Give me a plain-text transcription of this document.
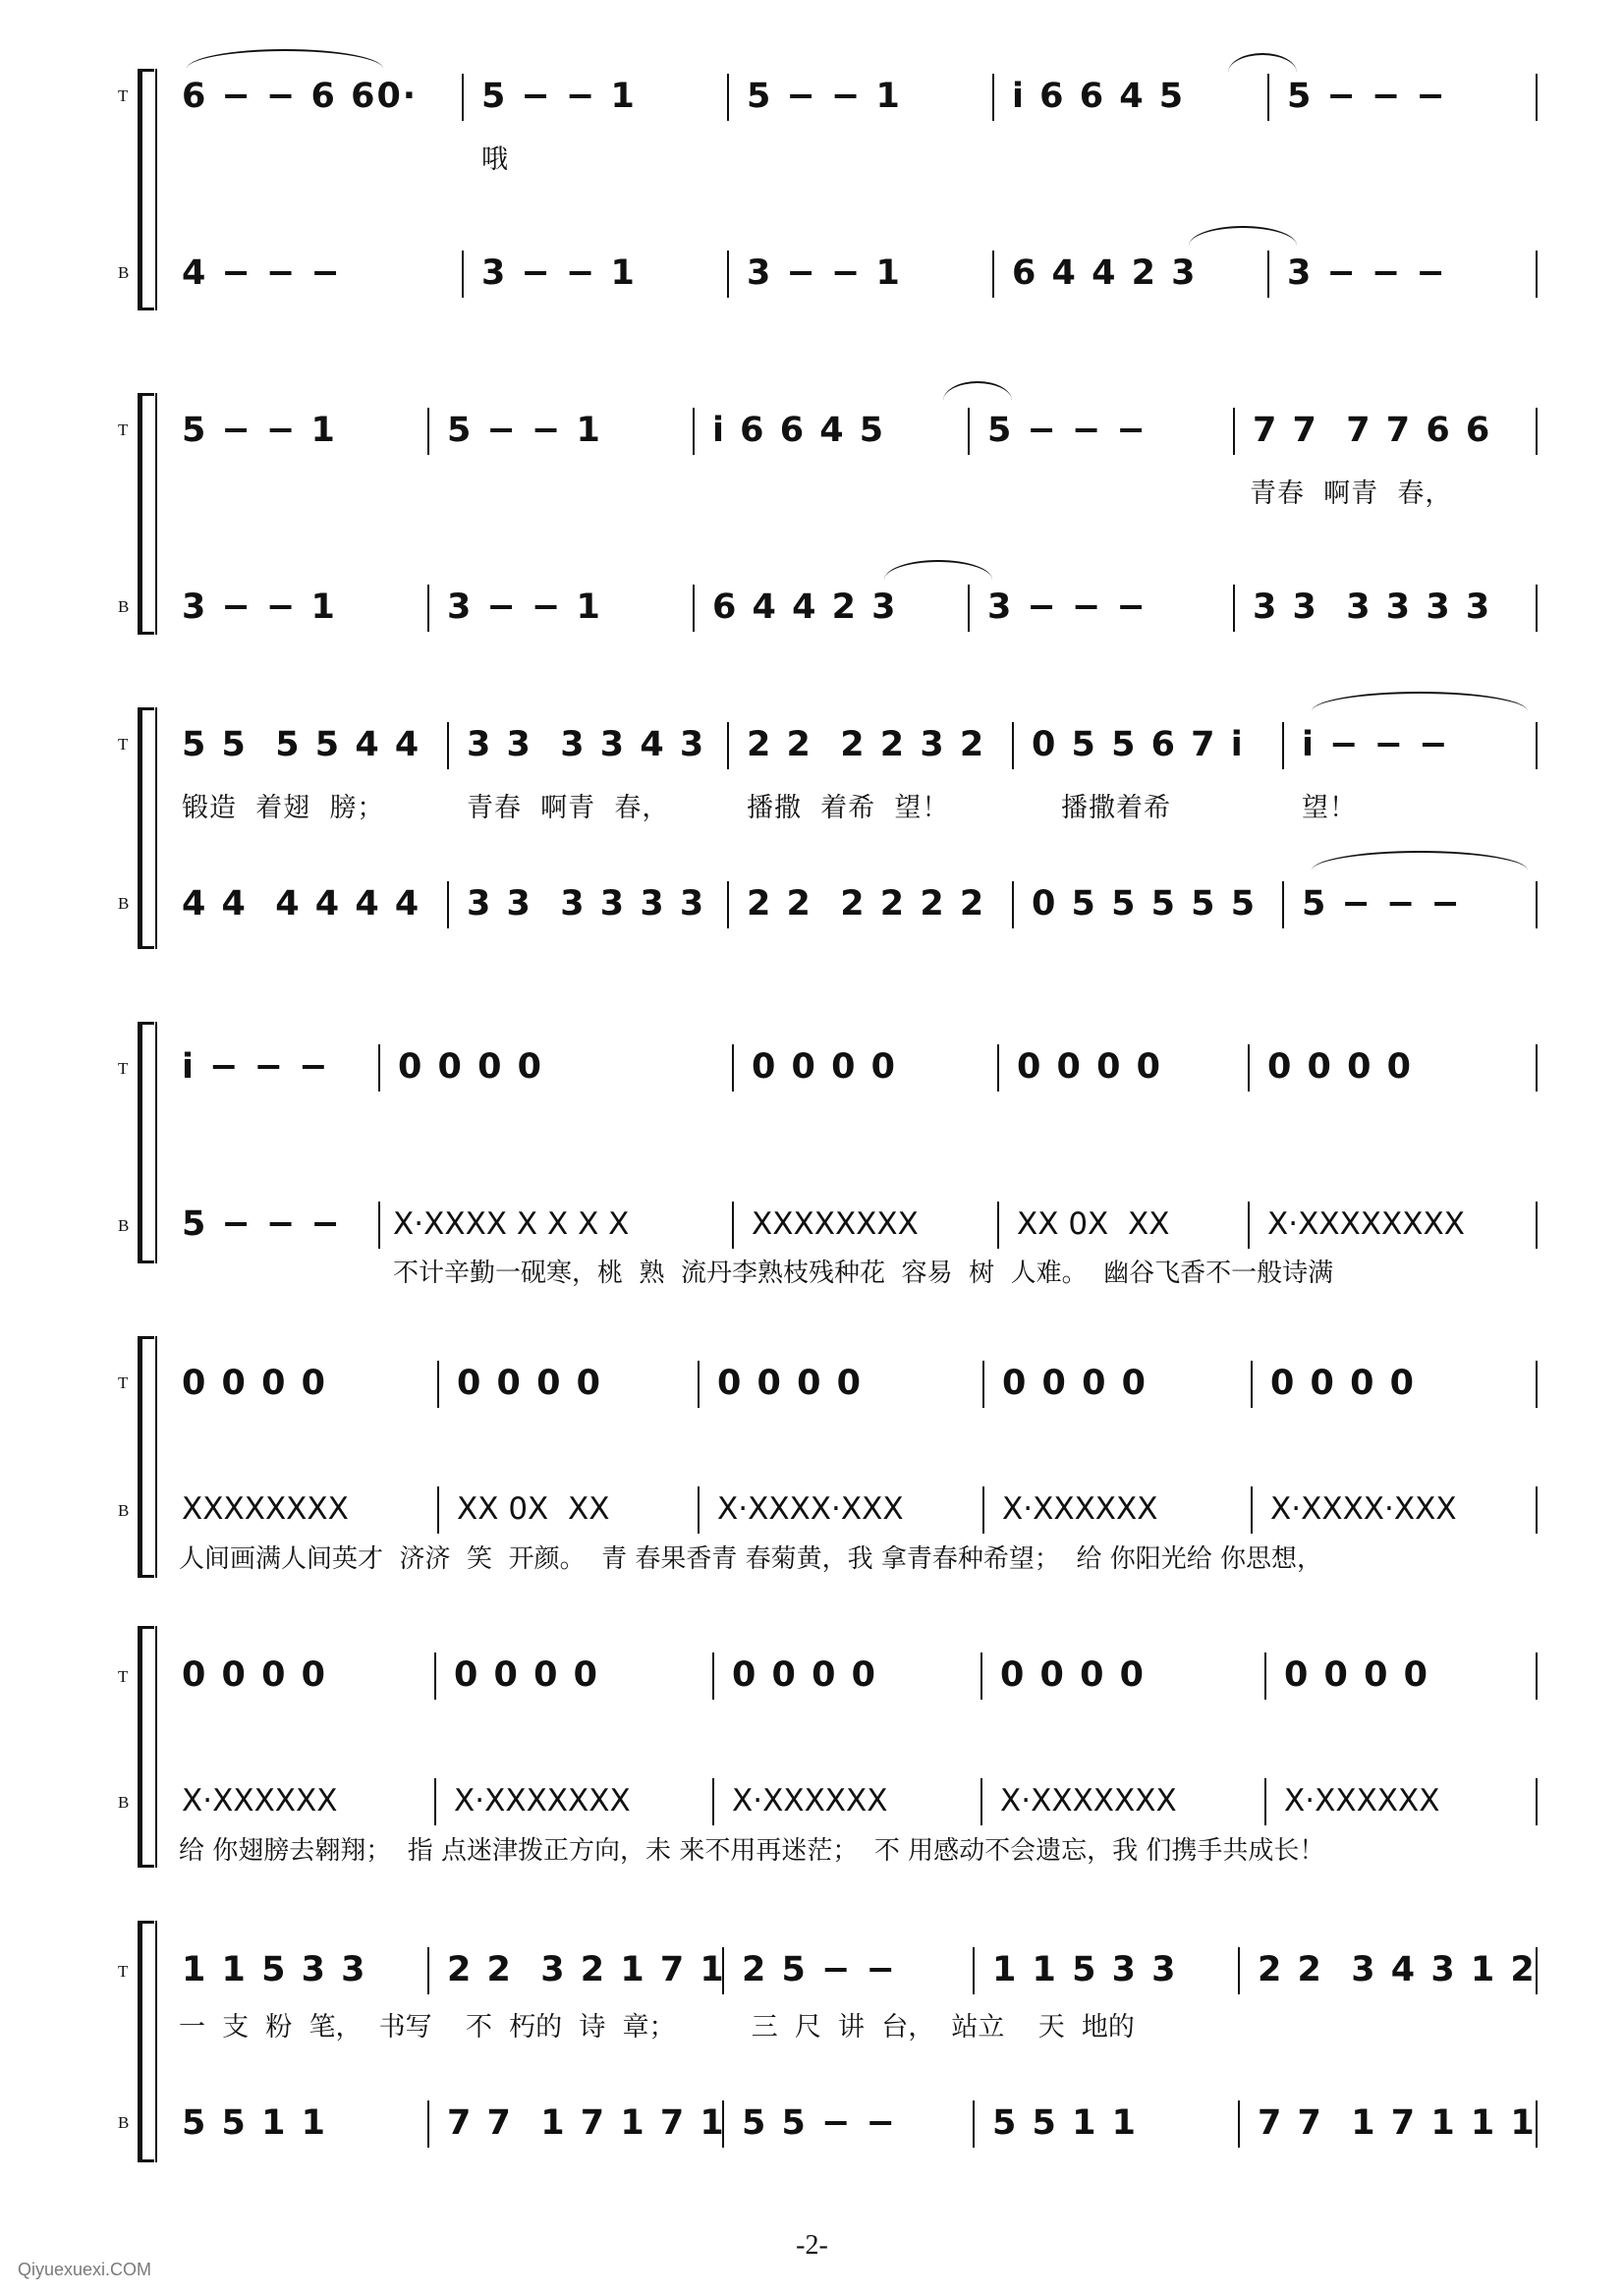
T
B
6 − − 6 60· 5 − − 1	5 − − 1	i 6 6 4 5	5 − − −
哦
4 − − −	3 − − 1	3 − − 1	6 4 4 2 3	3 − − −
T
B
5 − − 1	5 − − 1	i 6 6 4 5	5 − − −	7 7  7 7 6 6
青春  啊青  春，
3 − − 1	3 − − 1	6 4 4 2 3	3 − − −	3 3  3 3 3 3
T
B
5 5  5 5 4 4 3 3  3 3 4 3 2 2  2 2 3 2 0 5 5 6 7 i i − − −
锻造  着翅  膀；	青春  啊青  春，	播撒  着希  望！	播撒着希	望！
4 4  4 4 4 4 3 3  3 3 3 3 2 2  2 2 2 2 0 5 5 5 5 5 5 − − −
T
B
i − − − 0 0 0 0	0 0 0 0	0 0 0 0	0 0 0 0
5 − − − X·XXXX X X X X	XXXXXXXX	XX 0X  XX	X·XXXXXXXX
不计辛勤一砚寒，桃  熟  流丹李熟枝残种花  容易  树  人难。  幽谷飞香不一般诗满
T
B
0 0 0 0	0 0 0 0	0 0 0 0	0 0 0 0	0 0 0 0
XXXXXXXX	XX 0X  XX	X·XXXX·XXX	X·XXXXXX	X·XXXX·XXX
人间画满人间英才  济济  笑  开颜。  青 春果香青 春菊黄，我 拿青春种希望；  给 你阳光给 你思想，
T
B
0 0 0 0	0 0 0 0	0 0 0 0	0 0 0 0	0 0 0 0
X·XXXXXX	X·XXXXXXX	X·XXXXXX	X·XXXXXXX	X·XXXXXX
给 你翅膀去翱翔；  指 点迷津拨正方向，未 来不用再迷茫；  不 用感动不会遗忘，我 们携手共成长！
T
B
1 1 5 3 3 2 2  3 2 1 7 1 2 5 − −	1 1 5 3 3 2 2  3 4 3 1 2
一  支  粉  笔，  书写    不  朽的  诗  章；         三  尺  讲  台，  站立    天  地的
5 5 1 1	7 7  1 7 1 7 1 5 5 − −	5 5 1 1	7 7  1 7 1 1 1
-2-
Qiyuexuexi.COM
